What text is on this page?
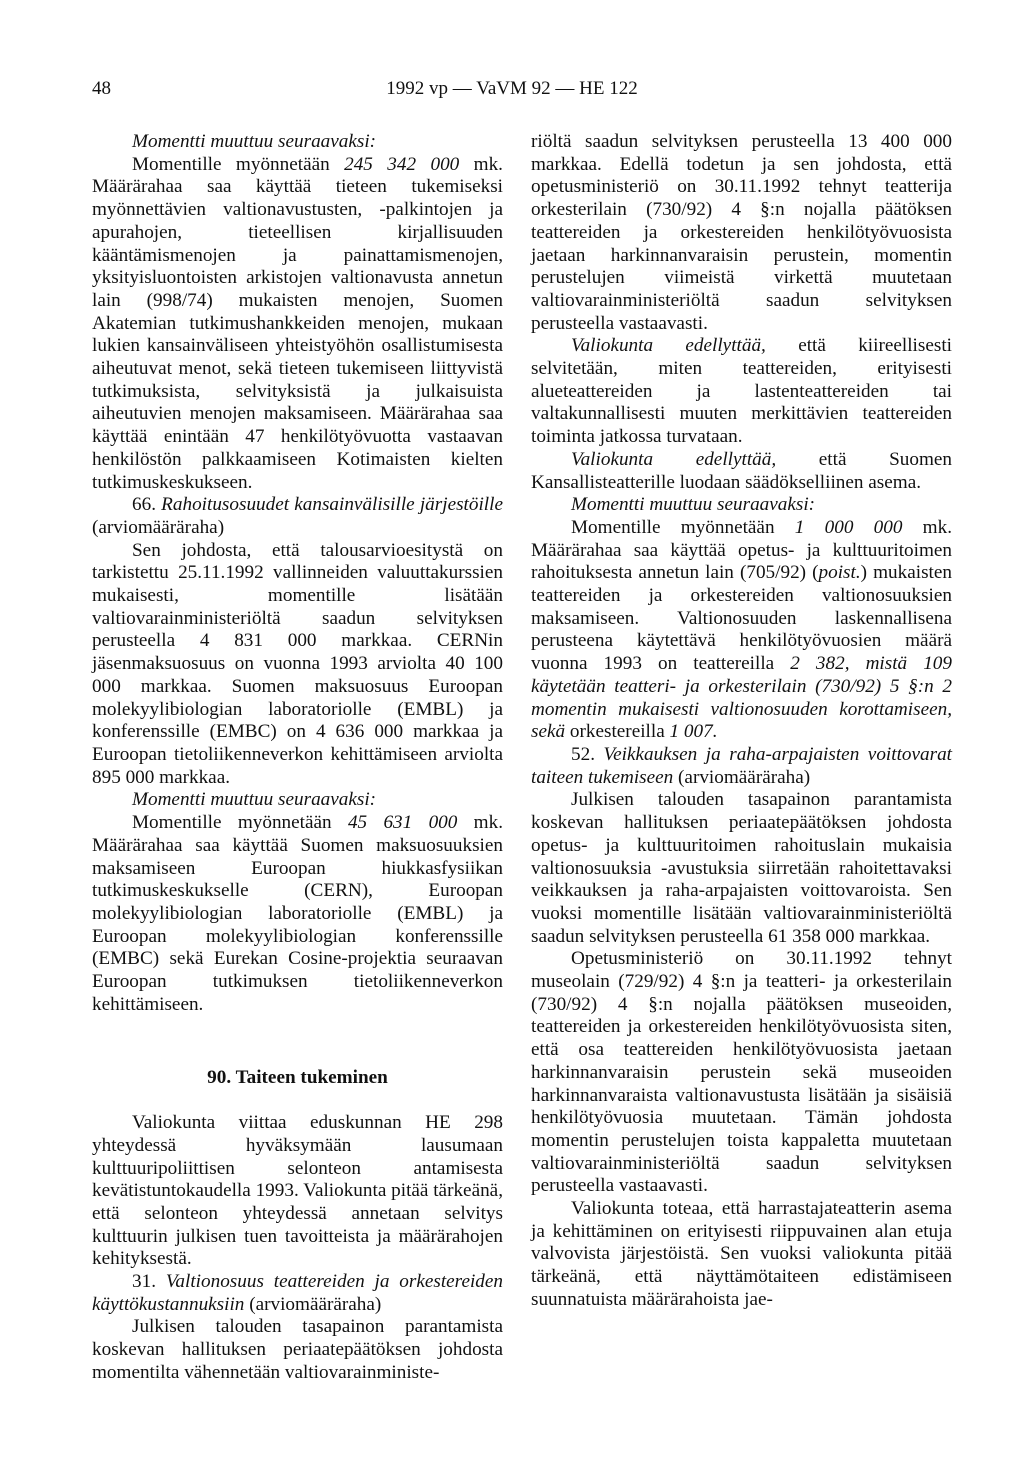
48	1992 vp — VaVM 92 — HE 122

Momentti muuttuu seuraavaksi:

Momentille myönnetään 245 342 000 mk. Määrärahaa saa käyttää tieteen tukemiseksi myönnettävien valtionavustusten, -palkintojen ja apurahojen, tieteellisen kirjallisuuden kääntämismenojen ja painattamismenojen, yksityisluontoisten arkistojen valtionavusta annetun lain (998/74) mukaisten menojen, Suomen Akatemian tutkimushankkeiden menojen, mukaan lukien kansainväliseen yhteistyöhön osallistumisesta aiheutuvat menot, sekä tieteen tukemiseen liittyvistä tutkimuksista, selvityksistä ja julkaisuista aiheutuvien menojen maksamiseen. Määrärahaa saa käyttää enintään 47 henkilötyövuotta vastaavan henkilöstön palkkaamiseen Kotimaisten kielten tutkimuskeskukseen.

66. Rahoitusosuudet kansainvälisille järjestöille (arviomääräraha)

Sen johdosta, että talousarvioesitystä on tarkistettu 25.11.1992 vallinneiden valuuttakurssien mukaisesti, momentille lisätään valtiovarainministeriöltä saadun selvityksen perusteella 4 831 000 markkaa. CERNin jäsenmaksuosuus on vuonna 1993 arviolta 40 100 000 markkaa. Suomen maksuosuus Euroopan molekyylibiologian laboratoriolle (EMBL) ja konferenssille (EMBC) on 4 636 000 markkaa ja Euroopan tietoliikenneverkon kehittämiseen arviolta 895 000 markkaa.

Momentti muuttuu seuraavaksi:

Momentille myönnetään 45 631 000 mk. Määrärahaa saa käyttää Suomen maksuosuuksien maksamiseen Euroopan hiukkasfysiikan tutkimuskeskukselle (CERN), Euroopan molekyylibiologian laboratoriolle (EMBL) ja Euroopan molekyylibiologian konferenssille (EMBC) sekä Eurekan Cosine-projektia seuraavan Euroopan tutkimuksen tietoliikenneverkon kehittämiseen.

90. Taiteen tukeminen

Valiokunta viittaa eduskunnan HE 298 yhteydessä hyväksymään lausumaan kulttuuripoliittisen selonteon antamisesta kevätistuntokaudella 1993. Valiokunta pitää tärkeänä, että selonteon yhteydessä annetaan selvitys kulttuurin julkisen tuen tavoitteista ja määrärahojen kehityksestä.

31. Valtionosuus teattereiden ja orkestereiden käyttökustannuksiin (arviomääräraha)

Julkisen talouden tasapainon parantamista koskevan hallituksen periaatepäätöksen johdosta momentilta vähennetään valtiovarainministe-

riöltä saadun selvityksen perusteella 13 400 000 markkaa. Edellä todetun ja sen johdosta, että opetusministeriö on 30.11.1992 tehnyt teatterija orkesterilain (730/92) 4 §:n nojalla päätöksen teattereiden ja orkestereiden henkilötyövuosista jaetaan harkinnanvaraisin perustein, momentin perustelujen viimeistä virkettä muutetaan valtiovarainministeriöltä saadun selvityksen perusteella vastaavasti.

Valiokunta edellyttää, että kiireellisesti selvitetään, miten teattereiden, erityisesti alueteattereiden ja lastenteattereiden tai valtakunnallisesti muuten merkittävien teattereiden toiminta jatkossa turvataan.

Valiokunta edellyttää, että Suomen Kansallisteatterille luodaan säädökselliinen asema.

Momentti muuttuu seuraavaksi:

Momentille myönnetään 1 000 000 mk. Määrärahaa saa käyttää opetus- ja kulttuuritoimen rahoituksesta annetun lain (705/92) (poist.) mukaisten teattereiden ja orkestereiden valtionosuuksien maksamiseen. Valtionosuuden laskennallisena perusteena käytettävä henkilötyövuosien määrä vuonna 1993 on teattereilla 2 382, mistä 109 käytetään teatteri- ja orkesterilain (730/92) 5 §:n 2 momentin mukaisesti valtionosuuden korottamiseen, sekä orkestereilla 1 007.

52. Veikkauksen ja raha-arpajaisten voittovarat taiteen tukemiseen (arviomääräraha)

Julkisen talouden tasapainon parantamista koskevan hallituksen periaatepäätöksen johdosta opetus- ja kulttuuritoimen rahoituslain mukaisia valtionosuuksia -avustuksia siirretään rahoitettavaksi veikkauksen ja raha-arpajaisten voittovaroista. Sen vuoksi momentille lisätään valtiovarainministeriöltä saadun selvityksen perusteella 61 358 000 markkaa.

Opetusministeriö on 30.11.1992 tehnyt museolain (729/92) 4 §:n ja teatteri- ja orkesterilain (730/92) 4 §:n nojalla päätöksen museoiden, teattereiden ja orkestereiden henkilötyövuosista siten, että osa teattereiden henkilötyövuosista jaetaan harkinnanvaraisin perustein sekä museoiden harkinnanvaraista valtionavustusta lisätään ja sisäisiä henkilötyövuosia muutetaan. Tämän johdosta momentin perustelujen toista kappaletta muutetaan valtiovarainministeriöltä saadun selvityksen perusteella vastaavasti.

Valiokunta toteaa, että harrastajateatterin asema ja kehittäminen on erityisesti riippuvainen alan etuja valvovista järjestöistä. Sen vuoksi valiokunta pitää tärkeänä, että näyttämötaiteen edistämiseen suunnatuista määrärahoista jae-
